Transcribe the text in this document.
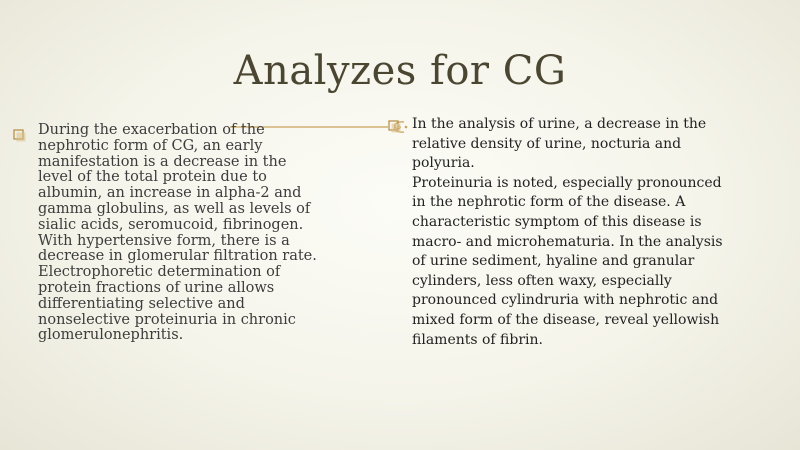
Analyzes for CG
During the exacerbation of the
nephrotic form of CG, an early
manifestation is a decrease in the
level of the total protein due to
albumin, an increase in alpha-2 and
gamma globulins, as well as levels of
sialic acids, seromucoid, fibrinogen.
With hypertensive form, there is a
decrease in glomerular filtration rate.
Electrophoretic determination of
protein fractions of urine allows
differentiating selective and
nonselective proteinuria in chronic
glomerulonephritis.
In the analysis of urine, a decrease in the
relative density of urine, nocturia and
polyuria.
Proteinuria is noted, especially pronounced
in the nephrotic form of the disease. A
characteristic symptom of this disease is
macro- and microhematuria. In the analysis
of urine sediment, hyaline and granular
cylinders, less often waxy, especially
pronounced cylindruria with nephrotic and
mixed form of the disease, reveal yellowish
filaments of fibrin.
